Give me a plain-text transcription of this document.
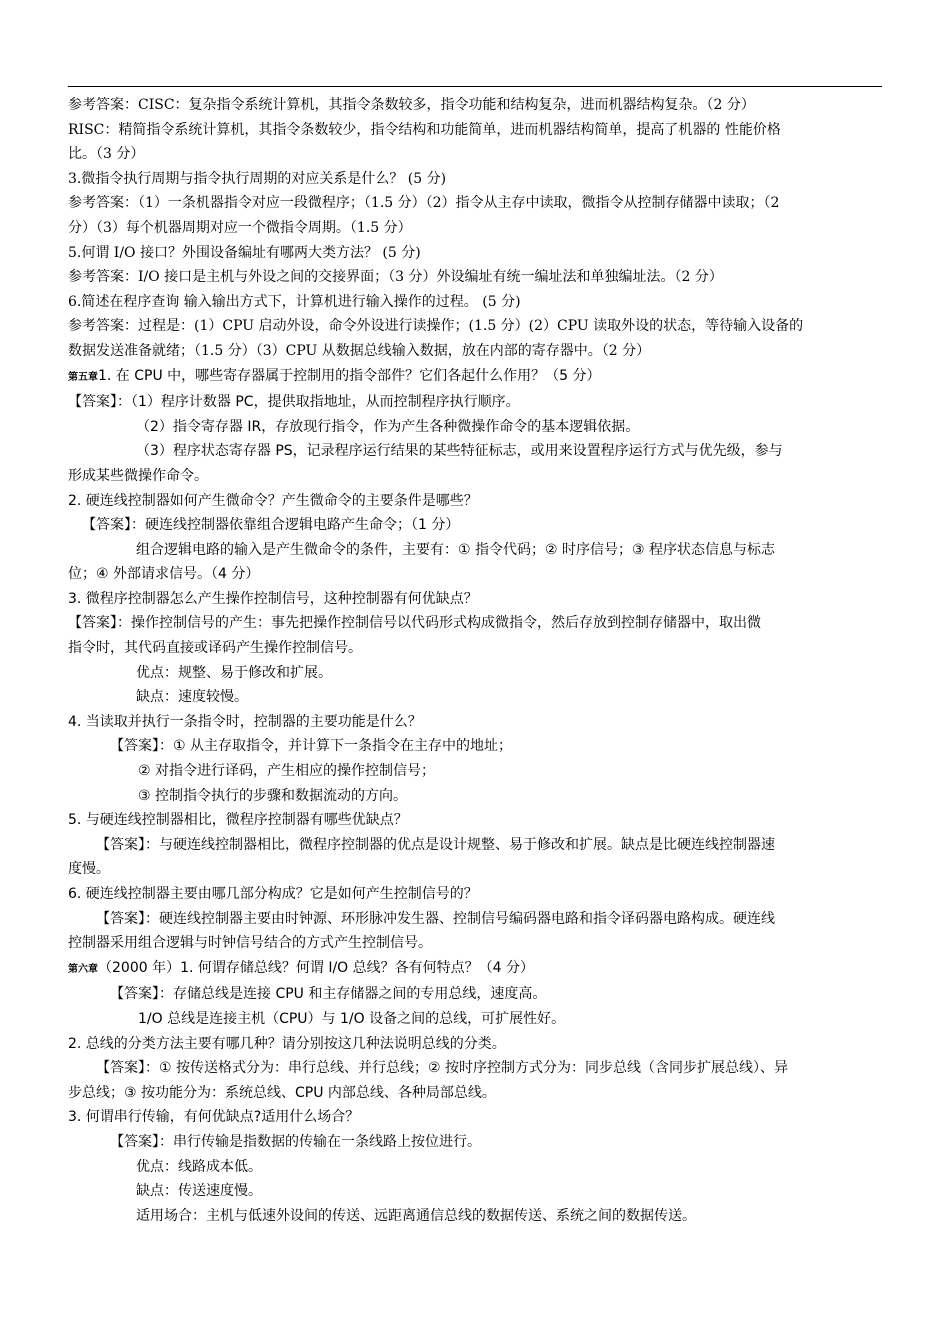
参考答案：CISC：复杂指令系统计算机，其指令条数较多，指令功能和结构复杂，进而机器结构复杂。（2 分）
RISC：精简指令系统计算机，其指令条数较少，指令结构和功能简单，进而机器结构简单，提高了机器的 性能价格
比。（3 分）
3.微指令执行周期与指令执行周期的对应关系是什么？ (5 分)
参考答案：（1）一条机器指令对应一段微程序；（1.5 分）（2）指令从主存中读取，微指令从控制存储器中读取；（2
分）（3）每个机器周期对应一个微指令周期。（1.5 分）
5.何谓 I/O 接口？外围设备编址有哪两大类方法？ (5 分)
参考答案：I/O 接口是主机与外设之间的交接界面；（3 分）外设编址有统一编址法和单独编址法。（2 分）
6.简述在程序查询 输入输出方式下，计算机进行输入操作的过程。 (5 分)
参考答案：过程是：(1）CPU 启动外设，命令外设进行读操作；(1.5 分）(2）CPU 读取外设的状态，等待输入设备的
数据发送准备就绪；（1.5 分）（3）CPU 从数据总线输入数据，放在内部的寄存器中。（2 分）
第五章1. 在 CPU 中，哪些寄存器属于控制用的指令部件？它们各起什么作用？（5 分）
【答案】：（1）程序计数器 PC，提供取指地址，从而控制程序执行顺序。
（2）指令寄存器 IR，存放现行指令，作为产生各种微操作命令的基本逻辑依据。
（3）程序状态寄存器 PS，记录程序运行结果的某些特征标志，或用来设置程序运行方式与优先级，参与
形成某些微操作命令。
2. 硬连线控制器如何产生微命令？产生微命令的主要条件是哪些？
【答案】：硬连线控制器依靠组合逻辑电路产生命令；（1 分）
组合逻辑电路的输入是产生微命令的条件，主要有：① 指令代码；② 时序信号；③ 程序状态信息与标志
位；④ 外部请求信号。（4 分）
3. 微程序控制器怎么产生操作控制信号，这种控制器有何优缺点？
【答案】：操作控制信号的产生：事先把操作控制信号以代码形式构成微指令，然后存放到控制存储器中，取出微
指令时，其代码直接或译码产生操作控制信号。
优点：规整、易于修改和扩展。
缺点：速度较慢。
4. 当读取并执行一条指令时，控制器的主要功能是什么？
【答案】：① 从主存取指令，并计算下一条指令在主存中的地址；
② 对指令进行译码，产生相应的操作控制信号；
③ 控制指令执行的步骤和数据流动的方向。
5. 与硬连线控制器相比，微程序控制器有哪些优缺点？
【答案】：与硬连线控制器相比，微程序控制器的优点是设计规整、易于修改和扩展。缺点是比硬连线控制器速
度慢。
6. 硬连线控制器主要由哪几部分构成？它是如何产生控制信号的？
【答案】：硬连线控制器主要由时钟源、环形脉冲发生器、控制信号编码器电路和指令译码器电路构成。硬连线
控制器采用组合逻辑与时钟信号结合的方式产生控制信号。
第六章（2000 年）1. 何谓存储总线？何谓 I/O 总线？各有何特点？（4 分）
【答案】：存储总线是连接 CPU 和主存储器之间的专用总线，速度高。
1/O 总线是连接主机（CPU）与 1/O 设备之间的总线，可扩展性好。
2. 总线的分类方法主要有哪几种？请分别按这几种法说明总线的分类。
【答案】：① 按传送格式分为：串行总线、并行总线；② 按时序控制方式分为：同步总线（含同步扩展总线）、异
步总线；③ 按功能分为：系统总线、CPU 内部总线、各种局部总线。
3. 何谓串行传输，有何优缺点?适用什么场合？
【答案】：串行传输是指数据的传输在一条线路上按位进行。
优点：线路成本低。
缺点：传送速度慢。
适用场合：主机与低速外设间的传送、远距离通信总线的数据传送、系统之间的数据传送。
